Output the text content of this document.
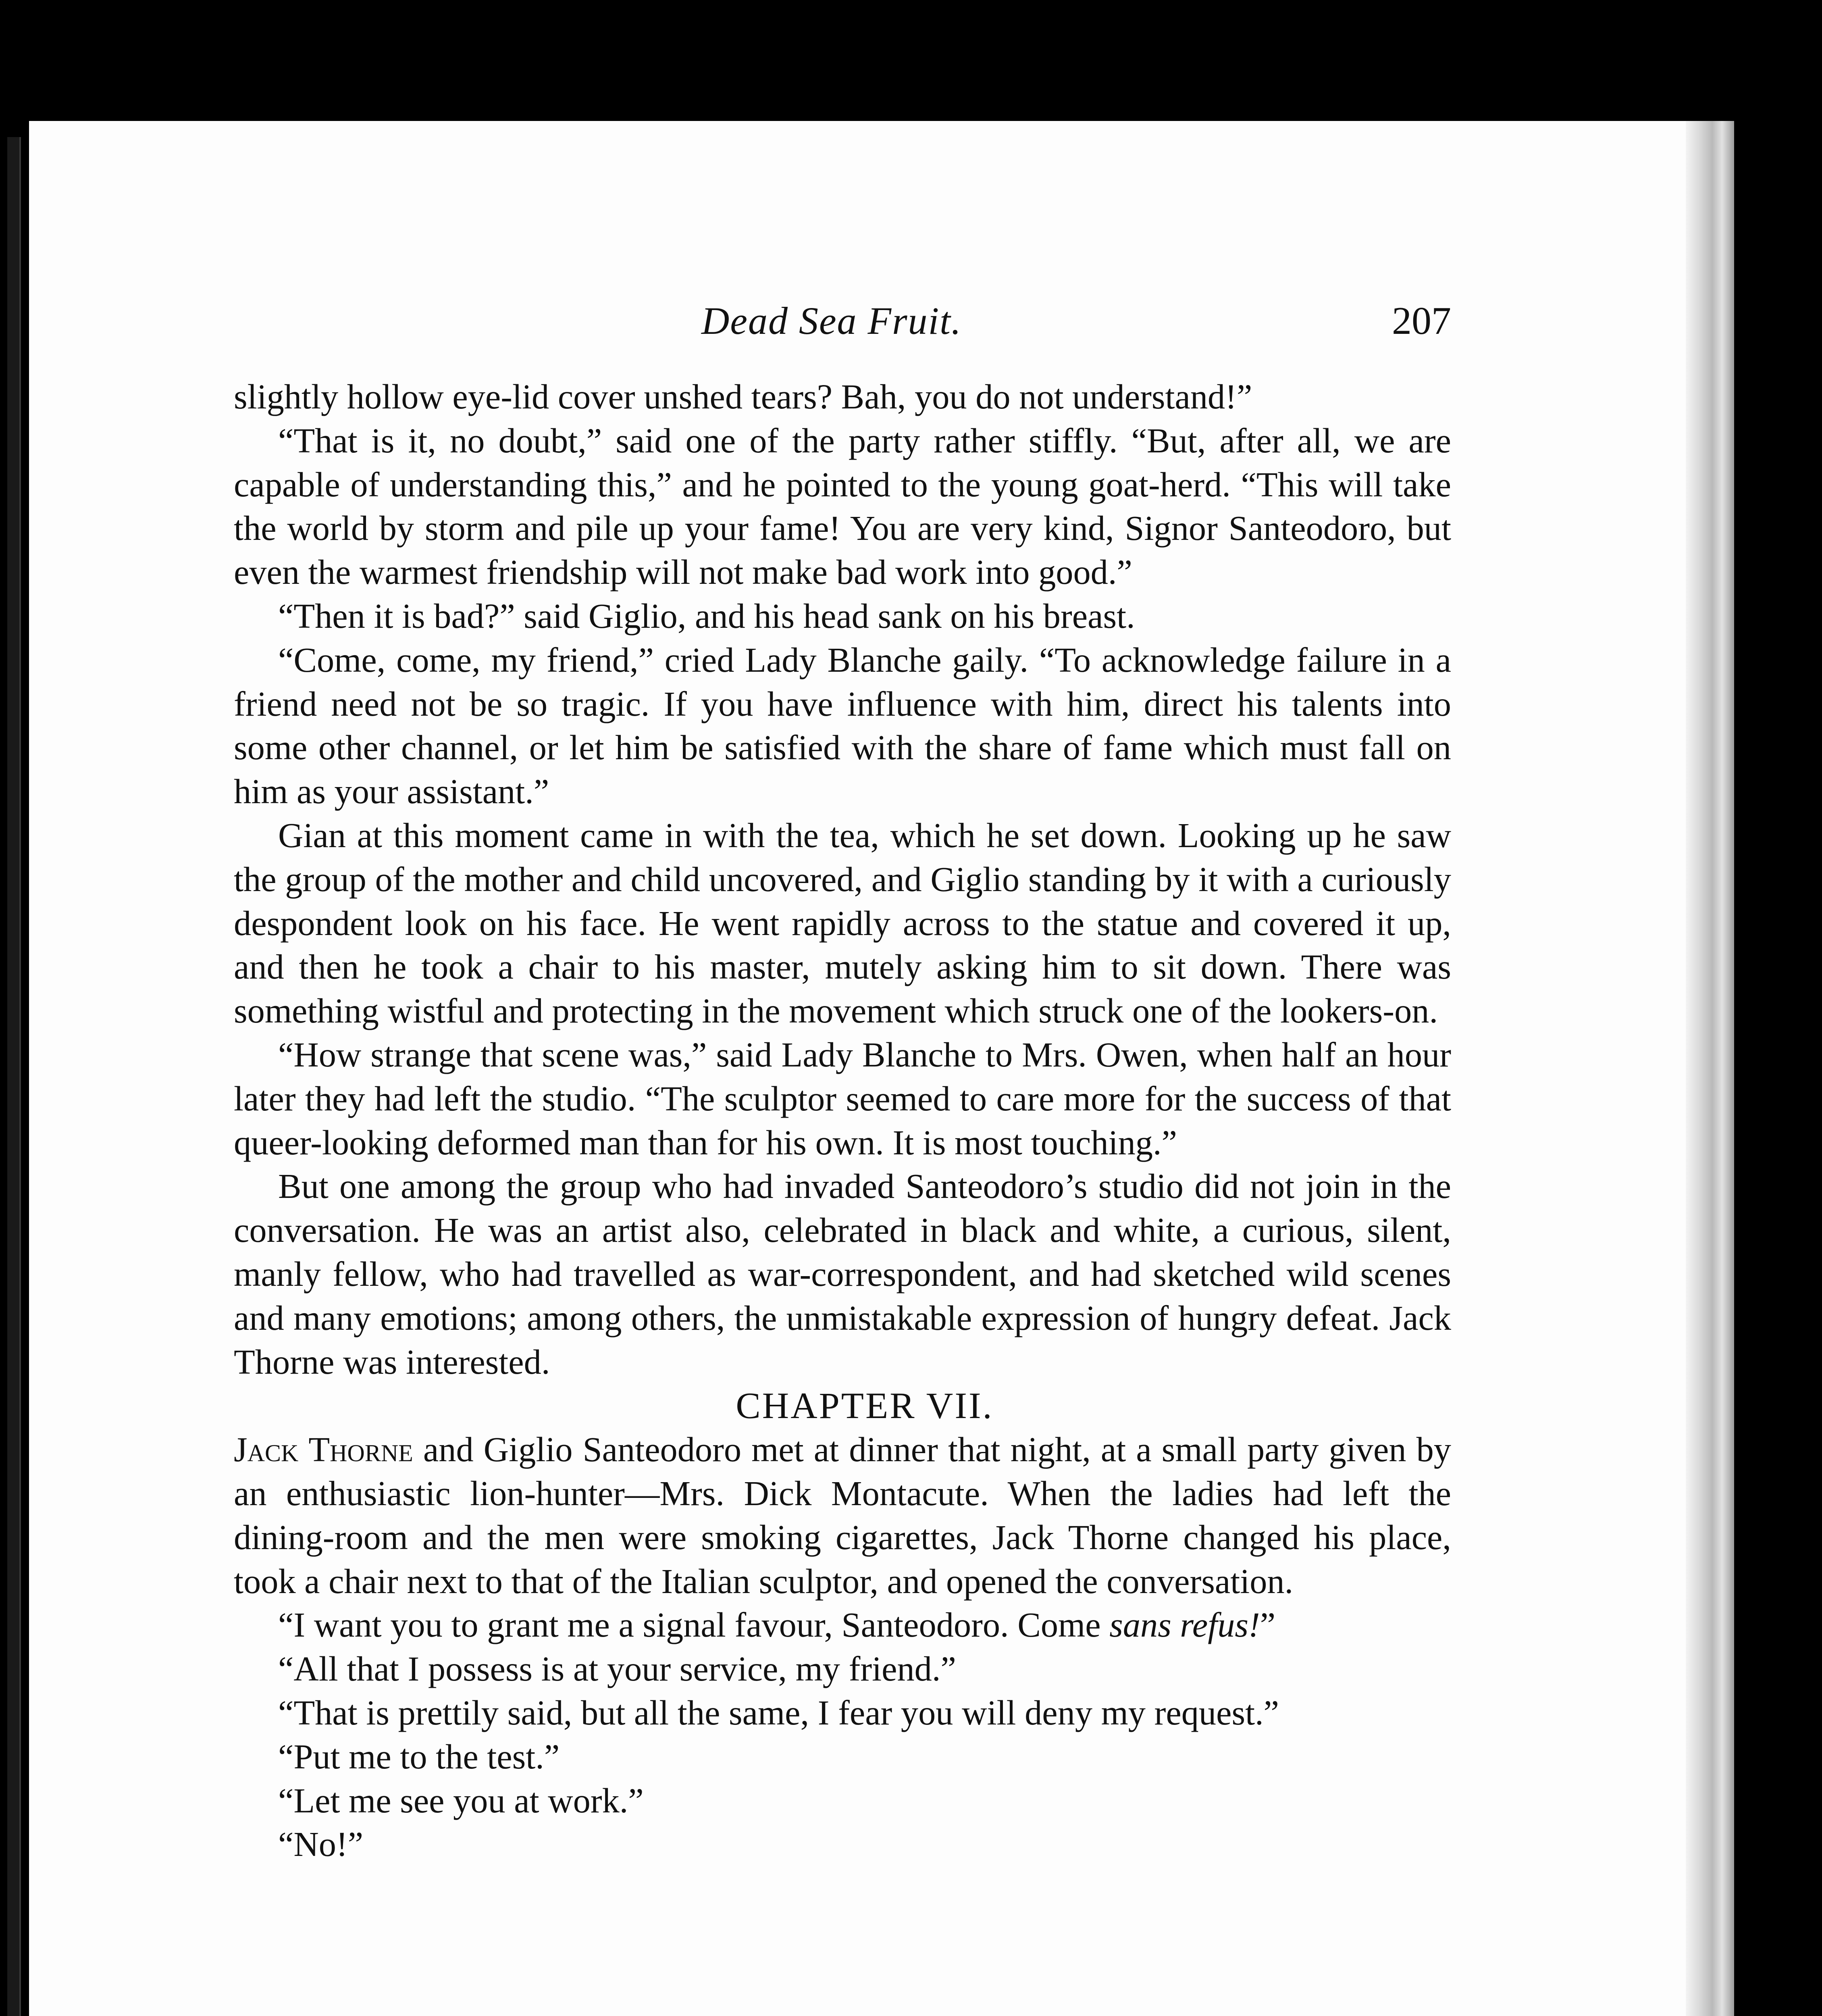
Dead Sea Fruit.	207

slightly hollow eye-lid cover unshed tears? Bah, you do not understand!”

“That is it, no doubt,” said one of the party rather stiffly. “But, after all, we are capable of understanding this,” and he pointed to the young goat-herd. “This will take the world by storm and pile up your fame! You are very kind, Signor Santeodoro, but even the warmest friendship will not make bad work into good.”

“Then it is bad?” said Giglio, and his head sank on his breast.

“Come, come, my friend,” cried Lady Blanche gaily. “To acknowledge failure in a friend need not be so tragic. If you have influence with him, direct his talents into some other channel, or let him be satisfied with the share of fame which must fall on him as your assistant.”

Gian at this moment came in with the tea, which he set down. Looking up he saw the group of the mother and child uncovered, and Giglio standing by it with a curiously despondent look on his face. He went rapidly across to the statue and covered it up, and then he took a chair to his master, mutely asking him to sit down. There was something wistful and protecting in the movement which struck one of the lookers-on.

“How strange that scene was,” said Lady Blanche to Mrs. Owen, when half an hour later they had left the studio. “The sculptor seemed to care more for the success of that queer-looking deformed man than for his own. It is most touching.”

But one among the group who had invaded Santeodoro’s studio did not join in the conversation. He was an artist also, celebrated in black and white, a curious, silent, manly fellow, who had travelled as war-correspondent, and had sketched wild scenes and many emotions; among others, the unmistakable expression of hungry defeat. Jack Thorne was interested.

CHAPTER VII.

Jack Thorne and Giglio Santeodoro met at dinner that night, at a small party given by an enthusiastic lion-hunter—Mrs. Dick Montacute. When the ladies had left the dining-room and the men were smoking cigarettes, Jack Thorne changed his place, took a chair next to that of the Italian sculptor, and opened the conversation.

“I want you to grant me a signal favour, Santeodoro. Come sans refus!”

“All that I possess is at your service, my friend.”

“That is prettily said, but all the same, I fear you will deny my request.”

“Put me to the test.”

“Let me see you at work.”

“No!”
